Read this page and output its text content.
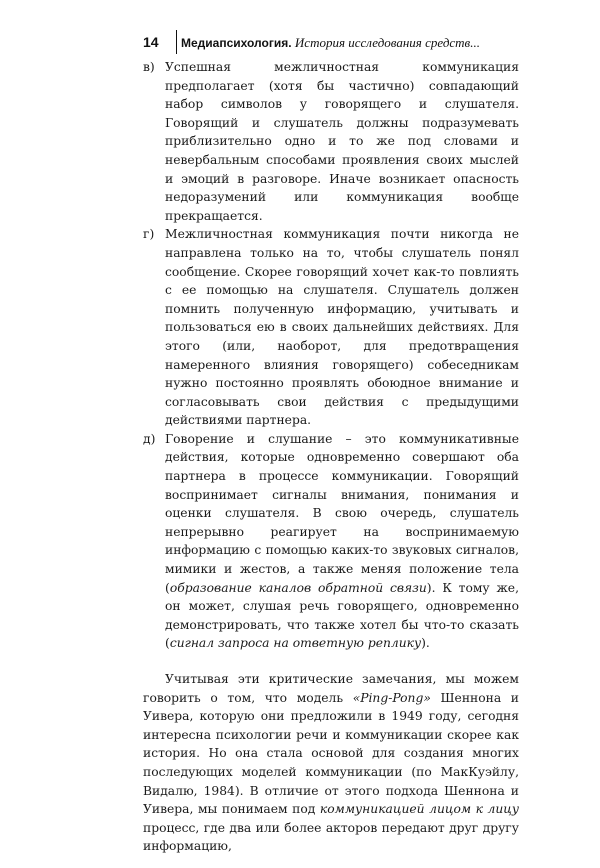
14 Медиапсихология. История исследования средств...
в) Успешная межличностная коммуникация предполагает (хотя бы частично) совпадающий набор символов у говорящего и слушателя. Говорящий и слушатель должны подразумевать приблизительно одно и то же под словами и невербальным способами проявления своих мыслей и эмоций в разговоре. Иначе возникает опасность недоразумений или коммуникация вообще прекращается.
г) Межличностная коммуникация почти никогда не направлена только на то, чтобы слушатель понял сообщение. Скорее говорящий хочет как-то повлиять с ее помощью на слушателя. Слушатель должен помнить полученную информацию, учитывать и пользоваться ею в своих дальнейших действиях. Для этого (или, наоборот, для предотвращения намеренного влияния говорящего) собеседникам нужно постоянно проявлять обоюдное внимание и согласовывать свои действия с предыдущими действиями партнера.
д) Говорение и слушание – это коммуникативные действия, которые одновременно совершают оба партнера в процессе коммуникации. Говорящий воспринимает сигналы внимания, понимания и оценки слушателя. В свою очередь, слушатель непрерывно реагирует на воспринимаемую информацию с помощью каких-то звуковых сигналов, мимики и жестов, а также меняя положение тела (образование каналов обратной связи). К тому же, он может, слушая речь говорящего, одновременно демонстрировать, что также хотел бы что-то сказать (сигнал запроса на ответную реплику).

Учитывая эти критические замечания, мы можем говорить о том, что модель «Ping-Pong» Шеннона и Уивера, которую они предложили в 1949 году, сегодня интересна психологии речи и коммуникации скорее как история. Но она стала основой для создания многих последующих моделей коммуникации (по МакКуэйлу, Видалю, 1984). В отличие от этого подхода Шеннона и Уивера, мы понимаем под коммуникацией лицом к лицу процесс, где два или более акторов передают друг другу информацию,
